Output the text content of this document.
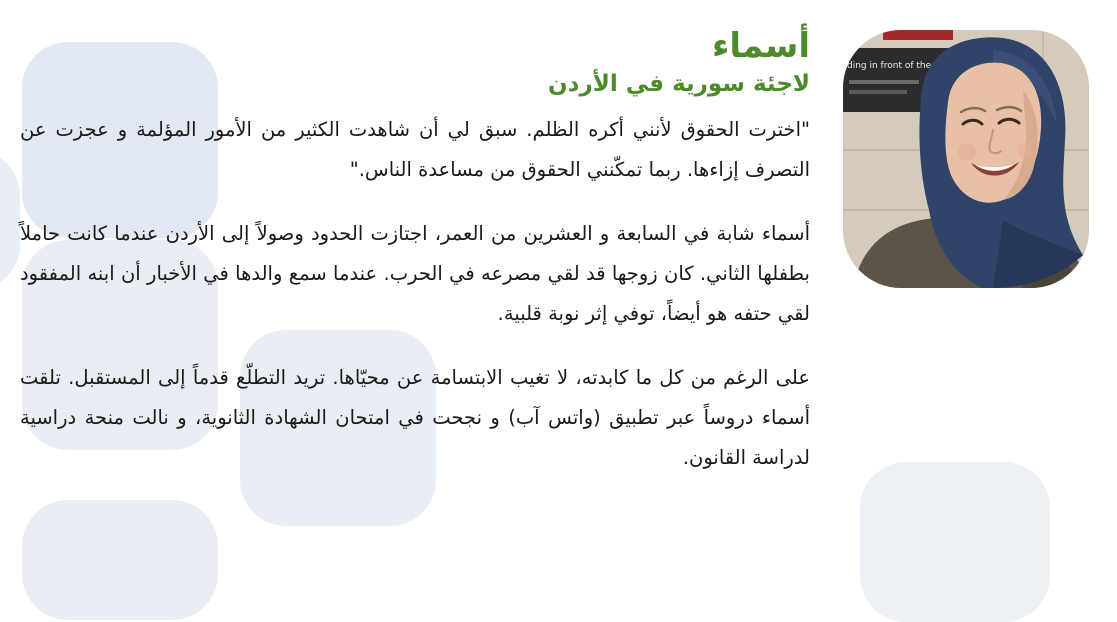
أسماء
لاجئة سورية في الأردن

"اخترت الحقوق لأنني أكره الظلم. سبق لي أن شاهدت الكثير من الأمور المؤلمة و عجزت عن التصرف إزاءها. ربما تمكّنني الحقوق من مساعدة الناس."

أسماء شابة في السابعة و العشرين من العمر، اجتازت الحدود وصولاً إلى الأردن عندما كانت حاملاً بطفلها الثاني. كان زوجها قد لقي مصرعه في الحرب. عندما سمع والدها في الأخبار أن ابنه المفقود لقي حتفه هو أيضاً، توفي إثر نوبة قلبية.

على الرغم من كل ما كابدته، لا تغيب الابتسامة عن محيّاها. تريد التطلّع قدماً إلى المستقبل. تلقت أسماء دروساً عبر تطبيق (واتس آب) و نجحت في امتحان الشهادة الثانوية، و نالت منحة دراسية لدراسة القانون.

ding in front of the
